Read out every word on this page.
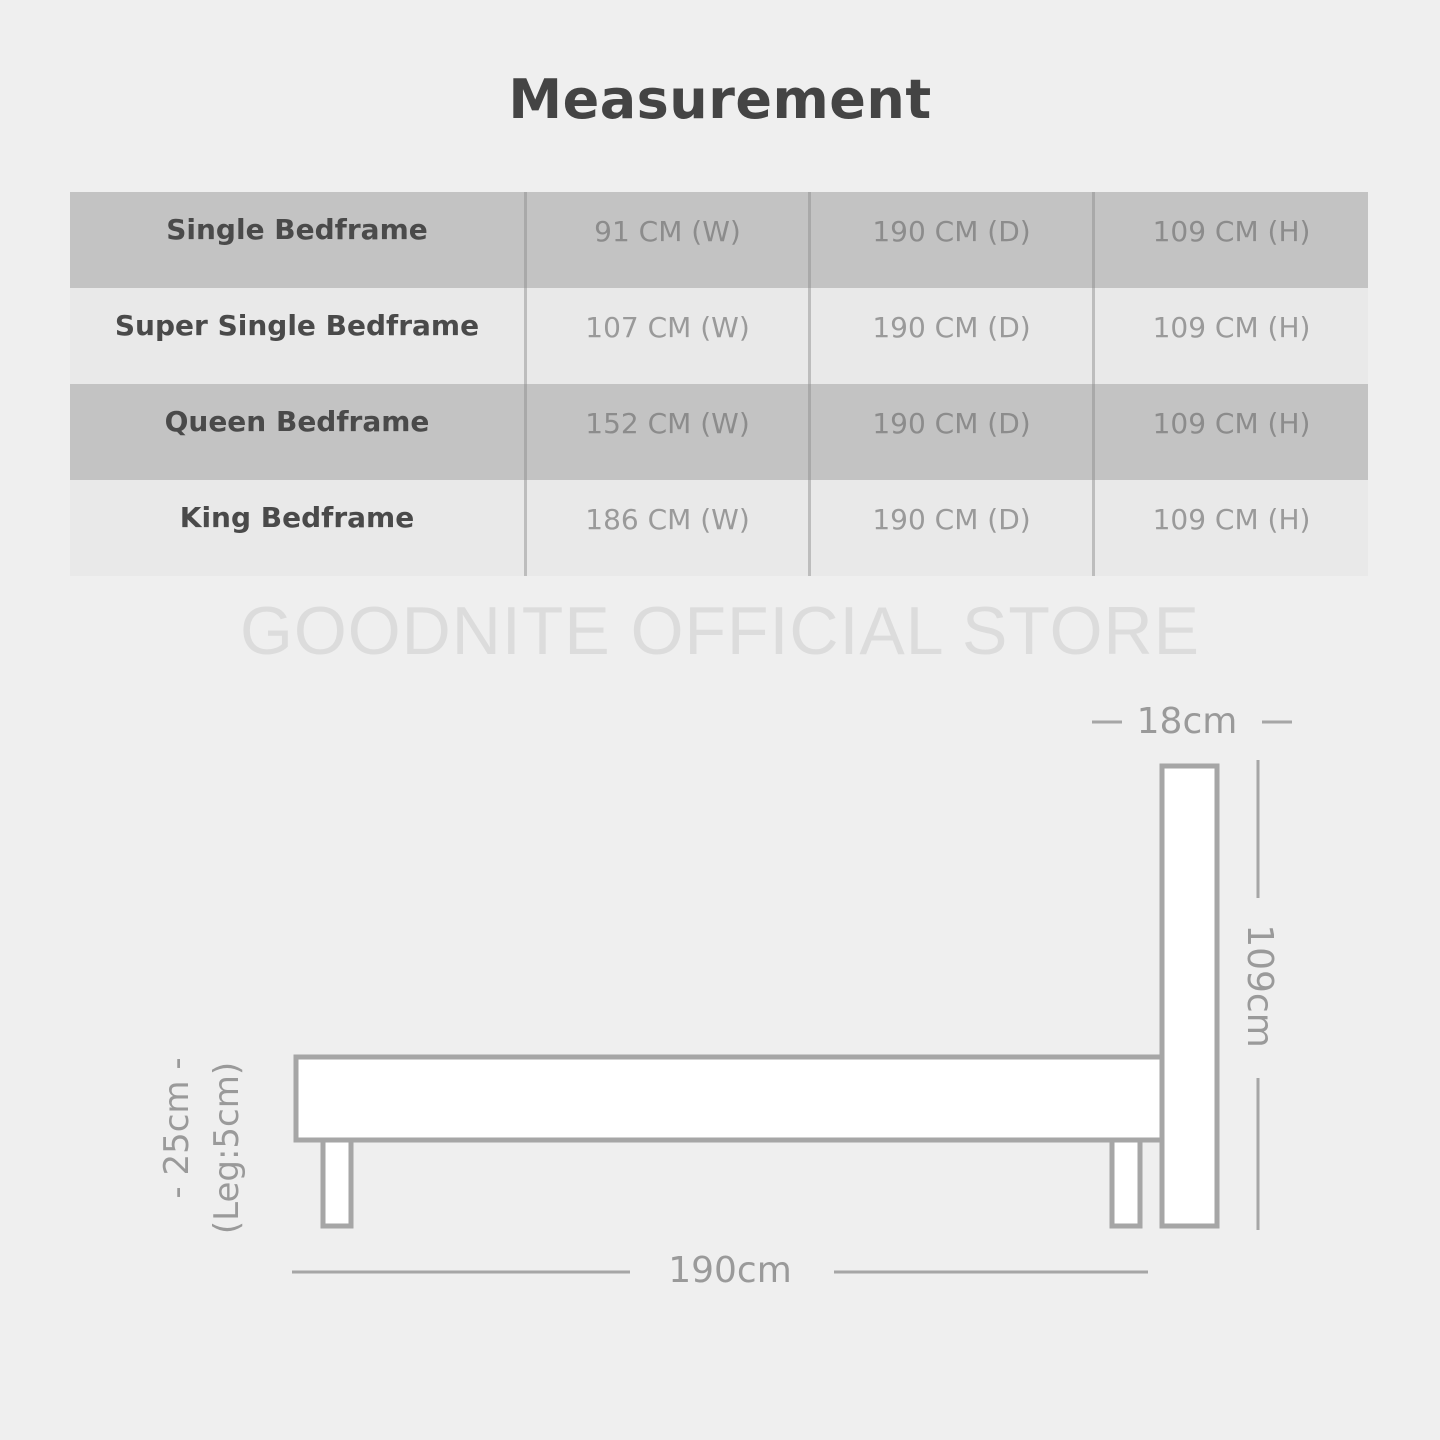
Measurement
Single Bedframe	91 CM (W)	190 CM (D)	109 CM (H)
Super Single Bedframe	107 CM (W)	190 CM (D)	109 CM (H)
Queen Bedframe	152 CM (W)	190 CM (D)	109 CM (H)
King Bedframe	186 CM (W)	190 CM (D)	109 CM (H)
GOODNITE OFFICIAL STORE
18cm
109cm
190cm
- 25cm - (Leg:5cm)
